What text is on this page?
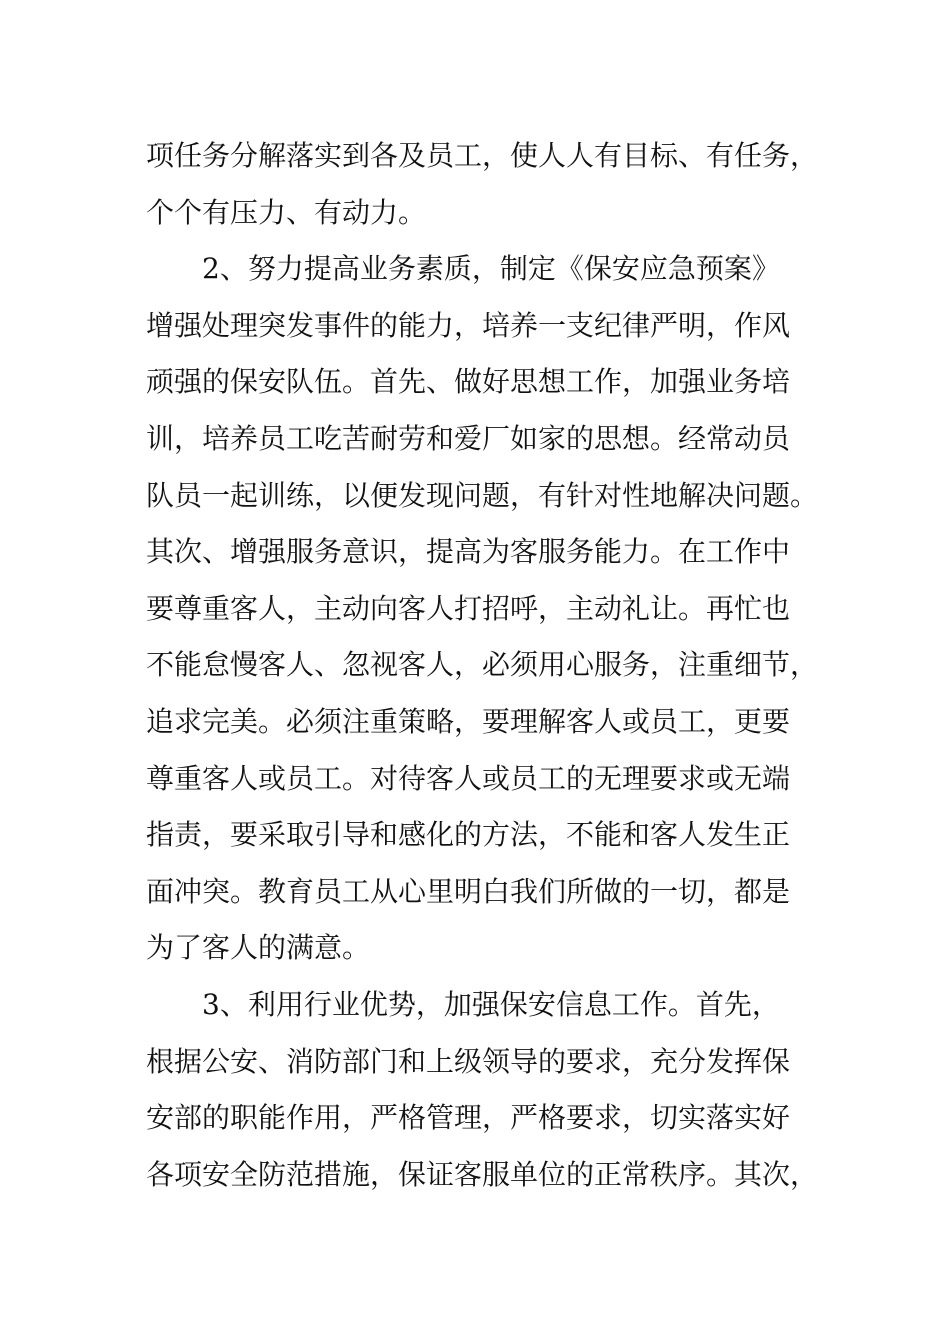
项任务分解落实到各及员工，使人人有目标、有任务，
个个有压力、有动力。
2、努力提高业务素质，制定《保安应急预案》
增强处理突发事件的能力，培养一支纪律严明，作风
顽强的保安队伍。首先、做好思想工作，加强业务培
训，培养员工吃苦耐劳和爱厂如家的思想。经常动员
队员一起训练，以便发现问题，有针对性地解决问题。
其次、增强服务意识，提高为客服务能力。在工作中
要尊重客人，主动向客人打招呼，主动礼让。再忙也
不能怠慢客人、忽视客人，必须用心服务，注重细节，
追求完美。必须注重策略，要理解客人或员工，更要
尊重客人或员工。对待客人或员工的无理要求或无端
指责，要采取引导和感化的方法，不能和客人发生正
面冲突。教育员工从心里明白我们所做的一切，都是
为了客人的满意。
3、利用行业优势，加强保安信息工作。首先，
根据公安、消防部门和上级领导的要求，充分发挥保
安部的职能作用，严格管理，严格要求，切实落实好
各项安全防范措施，保证客服单位的正常秩序。其次，
